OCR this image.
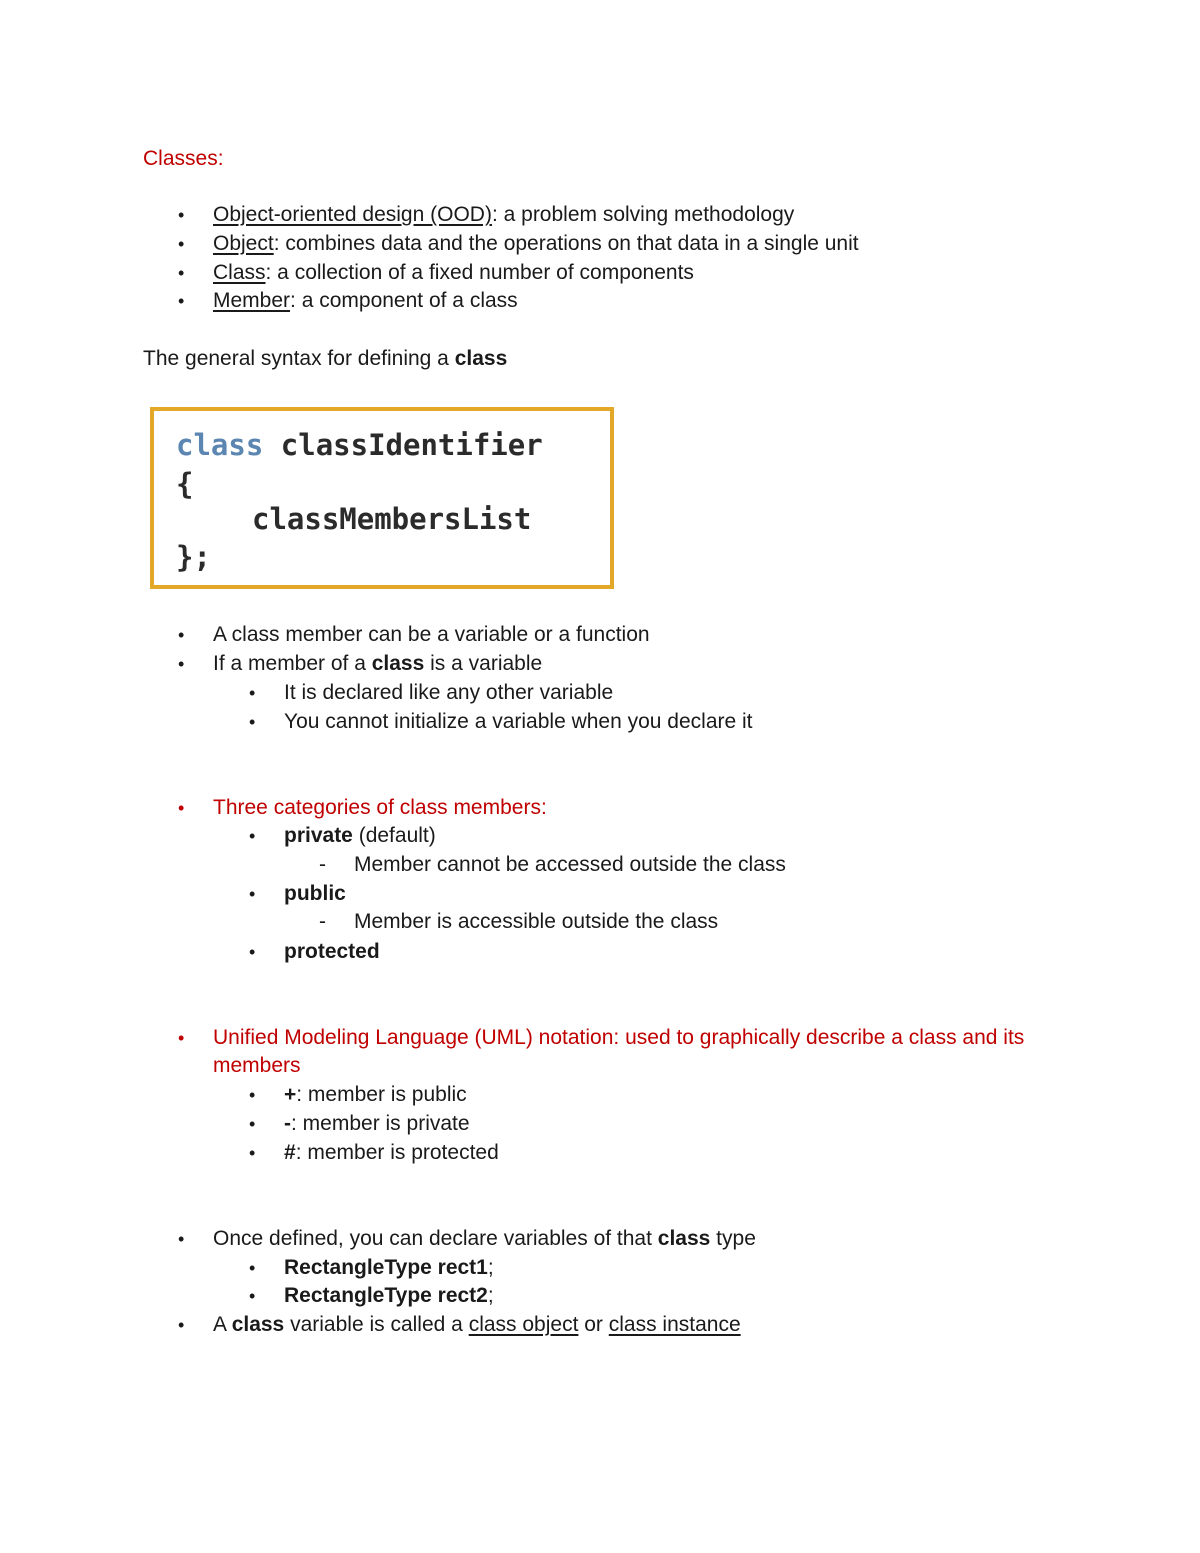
Classes:
• Object-oriented design (OOD): a problem solving methodology
• Object: combines data and the operations on that data in a single unit
• Class: a collection of a fixed number of components
• Member: a component of a class
The general syntax for defining a class
class classIdentifier
{
classMembersList
};
• A class member can be a variable or a function
• If a member of a class is a variable
• It is declared like any other variable
• You cannot initialize a variable when you declare it
• Three categories of class members:
• private (default)
- Member cannot be accessed outside the class
• public
- Member is accessible outside the class
• protected
• Unified Modeling Language (UML) notation: used to graphically describe a class and its
members
• +: member is public
• -: member is private
• #: member is protected
• Once defined, you can declare variables of that class type
• RectangleType rect1;
• RectangleType rect2;
• A class variable is called a class object or class instance
